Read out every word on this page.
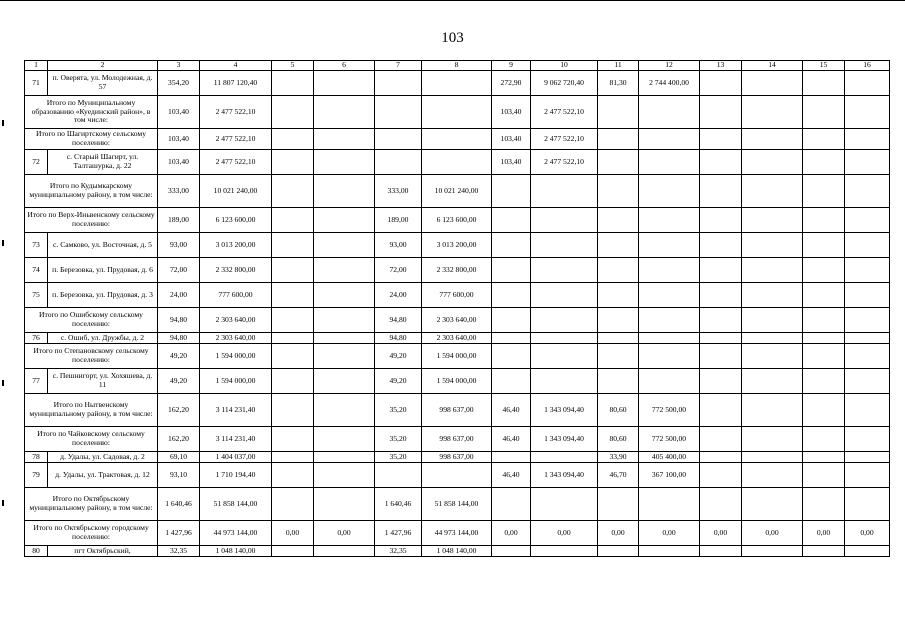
103
1	2	3	4	5	6	7	8	9	10	11	12	13	14	15	16
71	п. Оверята, ул. Молодежная, д. 57	354,20	11 807 120,40					272,90	9 062 720,40	81,30	2 744 400,00				
Итого по Муниципальному образованию «Куединский район», в том числе:		103,40	2 477 522,10					103,40	2 477 522,10						
Итого по Шагиртскому сельскому поселению:		103,40	2 477 522,10					103,40	2 477 522,10						
72	с. Старый Шагирт, ул. Талташурка, д. 22	103,40	2 477 522,10					103,40	2 477 522,10						
Итого по Кудымкарскому муниципальному району, в том числе:		333,00	10 021 240,00			333,00	10 021 240,00								
Итого по Верх-Иньвенскому сельскому поселению:		189,00	6 123 600,00			189,00	6 123 600,00								
73	с. Самково, ул. Восточная, д. 5	93,00	3 013 200,00			93,00	3 013 200,00								
74	п. Березовка, ул. Прудовая, д. 6	72,00	2 332 800,00			72,00	2 332 800,00								
75	п. Березовка, ул. Прудовая, д. 3	24,00	777 600,00			24,00	777 600,00								
Итого по Ошибскому сельскому поселению:		94,80	2 303 640,00			94,80	2 303 640,00								
76	с. Ошиб, ул. Дружбы, д. 2	94,80	2 303 640,00			94,80	2 303 640,00								
Итого по Степановскому сельскому поселению:		49,20	1 594 000,00			49,20	1 594 000,00								
77	с. Пешнигорт, ул. Хохяшева, д. 11	49,20	1 594 000,00			49,20	1 594 000,00								
Итого по Нытвенскому муниципальному району, в том числе:		162,20	3 114 231,40			35,20	998 637,00	46,40	1 343 094,40	80,60	772 500,00				
Итого по Чайковскому сельскому поселению:		162,20	3 114 231,40			35,20	998 637,00	46,40	1 343 094,40	80,60	772 500,00				
78	д. Удалы, ул. Садовая, д. 2	69,10	1 404 037,00			35,20	998 637,00			33,90	405 400,00				
79	д. Удалы, ул. Трактовая, д. 12	93,10	1 710 194,40					46,40	1 343 094,40	46,70	367 100,00				
Итого по Октябрьскому муниципальному району, в том числе:		1 640,46	51 858 144,00			1 640,46	51 858 144,00								
Итого по Октябрьскому городскому поселению:		1 427,96	44 973 144,00	0,00	0,00	1 427,96	44 973 144,00	0,00	0,00	0,00	0,00	0,00	0,00	0,00	0,00
80	пгт Октябрьский,	32,35	1 048 140,00			32,35	1 048 140,00								
